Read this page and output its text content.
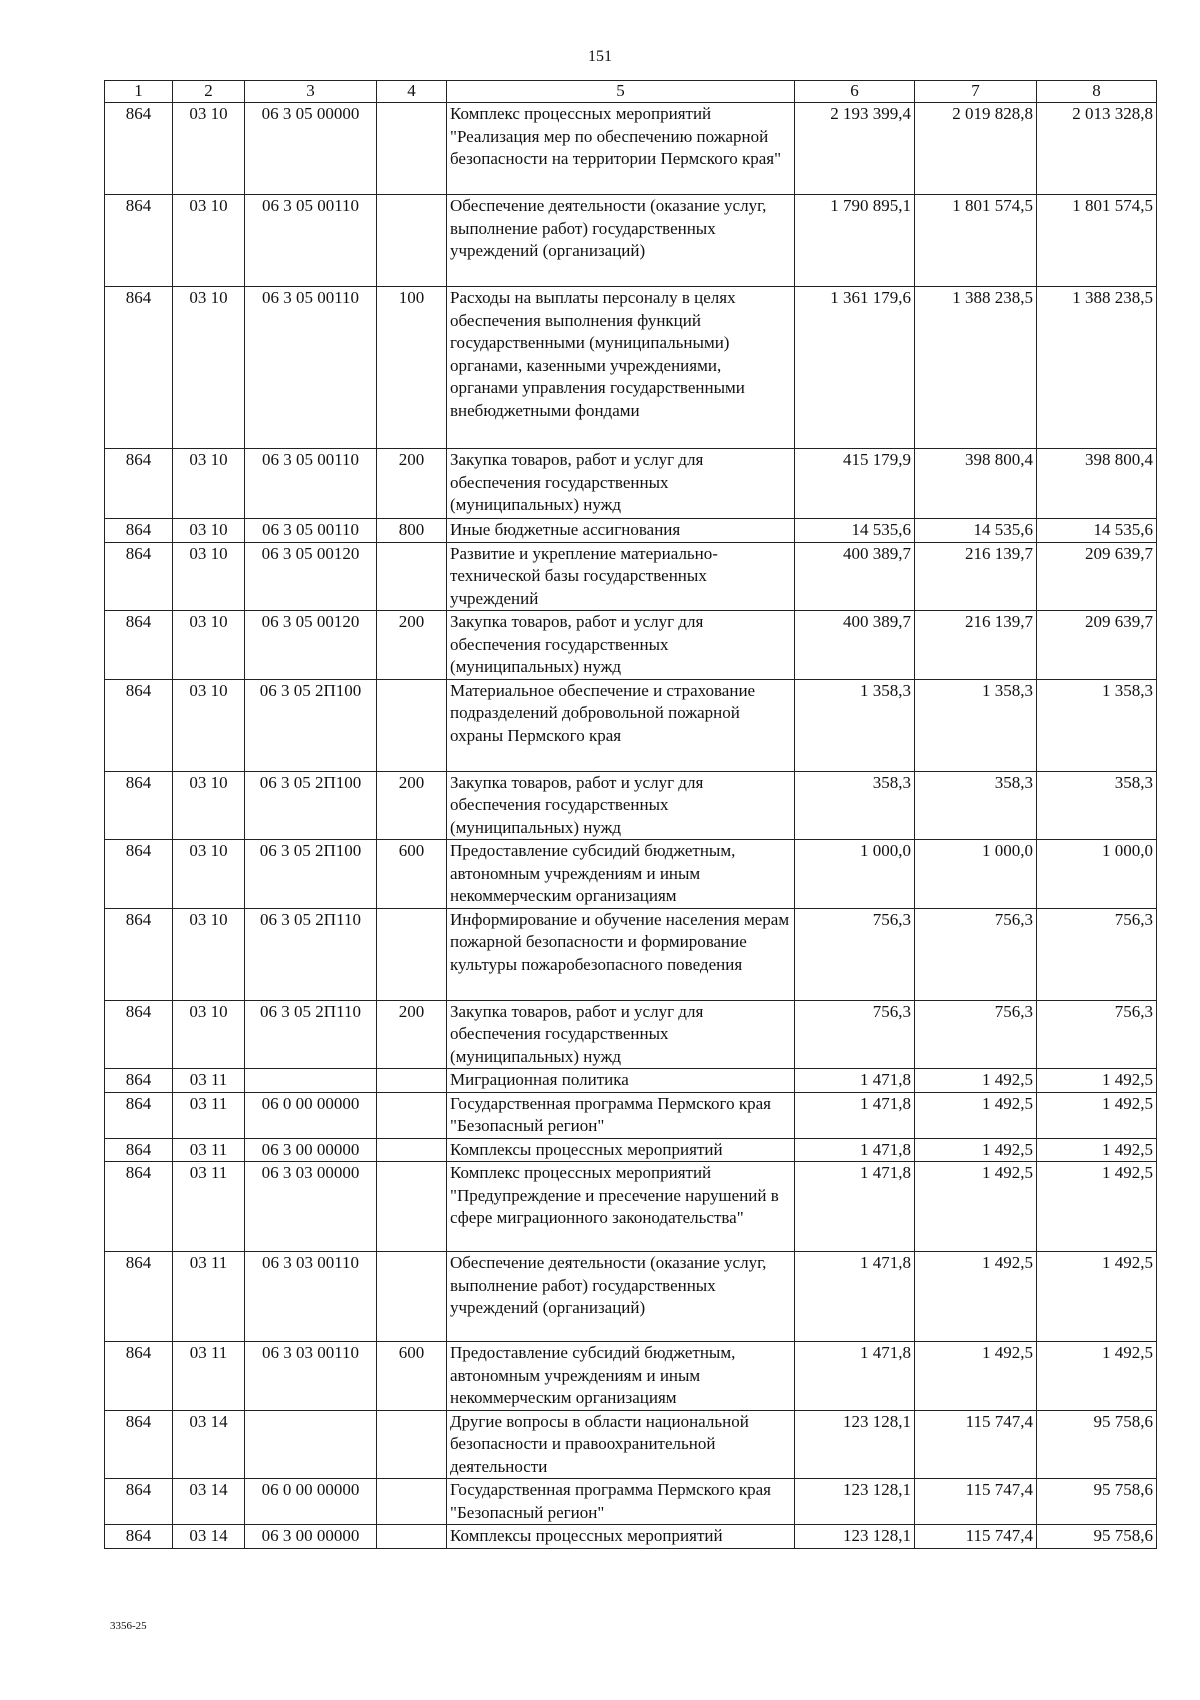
151
1	2	3	4	5	6	7	8
864	03 10	06 3 05 00000		Комплекс процессных мероприятий "Реализация мер по обеспечению пожарной безопасности на территории Пермского края"	2 193 399,4	2 019 828,8	2 013 328,8
864	03 10	06 3 05 00110		Обеспечение деятельности (оказание услуг, выполнение работ) государственных учреждений (организаций)	1 790 895,1	1 801 574,5	1 801 574,5
864	03 10	06 3 05 00110	100	Расходы на выплаты персоналу в целях обеспечения выполнения функций государственными (муниципальными) органами, казенными учреждениями, органами управления государственными внебюджетными фондами	1 361 179,6	1 388 238,5	1 388 238,5
864	03 10	06 3 05 00110	200	Закупка товаров, работ и услуг для обеспечения государственных (муниципальных) нужд	415 179,9	398 800,4	398 800,4
864	03 10	06 3 05 00110	800	Иные бюджетные ассигнования	14 535,6	14 535,6	14 535,6
864	03 10	06 3 05 00120		Развитие и укрепление материально-технической базы государственных учреждений	400 389,7	216 139,7	209 639,7
864	03 10	06 3 05 00120	200	Закупка товаров, работ и услуг для обеспечения государственных (муниципальных) нужд	400 389,7	216 139,7	209 639,7
864	03 10	06 3 05 2П100		Материальное обеспечение и страхование подразделений добровольной пожарной охраны Пермского края	1 358,3	1 358,3	1 358,3
864	03 10	06 3 05 2П100	200	Закупка товаров, работ и услуг для обеспечения государственных (муниципальных) нужд	358,3	358,3	358,3
864	03 10	06 3 05 2П100	600	Предоставление субсидий бюджетным, автономным учреждениям и иным некоммерческим организациям	1 000,0	1 000,0	1 000,0
864	03 10	06 3 05 2П110		Информирование и обучение населения мерам пожарной безопасности и формирование культуры пожаробезопасного поведения	756,3	756,3	756,3
864	03 10	06 3 05 2П110	200	Закупка товаров, работ и услуг для обеспечения государственных (муниципальных) нужд	756,3	756,3	756,3
864	03 11			Миграционная политика	1 471,8	1 492,5	1 492,5
864	03 11	06 0 00 00000		Государственная программа Пермского края "Безопасный регион"	1 471,8	1 492,5	1 492,5
864	03 11	06 3 00 00000		Комплексы процессных мероприятий	1 471,8	1 492,5	1 492,5
864	03 11	06 3 03 00000		Комплекс процессных мероприятий "Предупреждение и пресечение нарушений в сфере миграционного законодательства"	1 471,8	1 492,5	1 492,5
864	03 11	06 3 03 00110		Обеспечение деятельности (оказание услуг, выполнение работ) государственных учреждений (организаций)	1 471,8	1 492,5	1 492,5
864	03 11	06 3 03 00110	600	Предоставление субсидий бюджетным, автономным учреждениям и иным некоммерческим организациям	1 471,8	1 492,5	1 492,5
864	03 14			Другие вопросы в области национальной безопасности и правоохранительной деятельности	123 128,1	115 747,4	95 758,6
864	03 14	06 0 00 00000		Государственная программа Пермского края "Безопасный регион"	123 128,1	115 747,4	95 758,6
864	03 14	06 3 00 00000		Комплексы процессных мероприятий	123 128,1	115 747,4	95 758,6
3356-25
